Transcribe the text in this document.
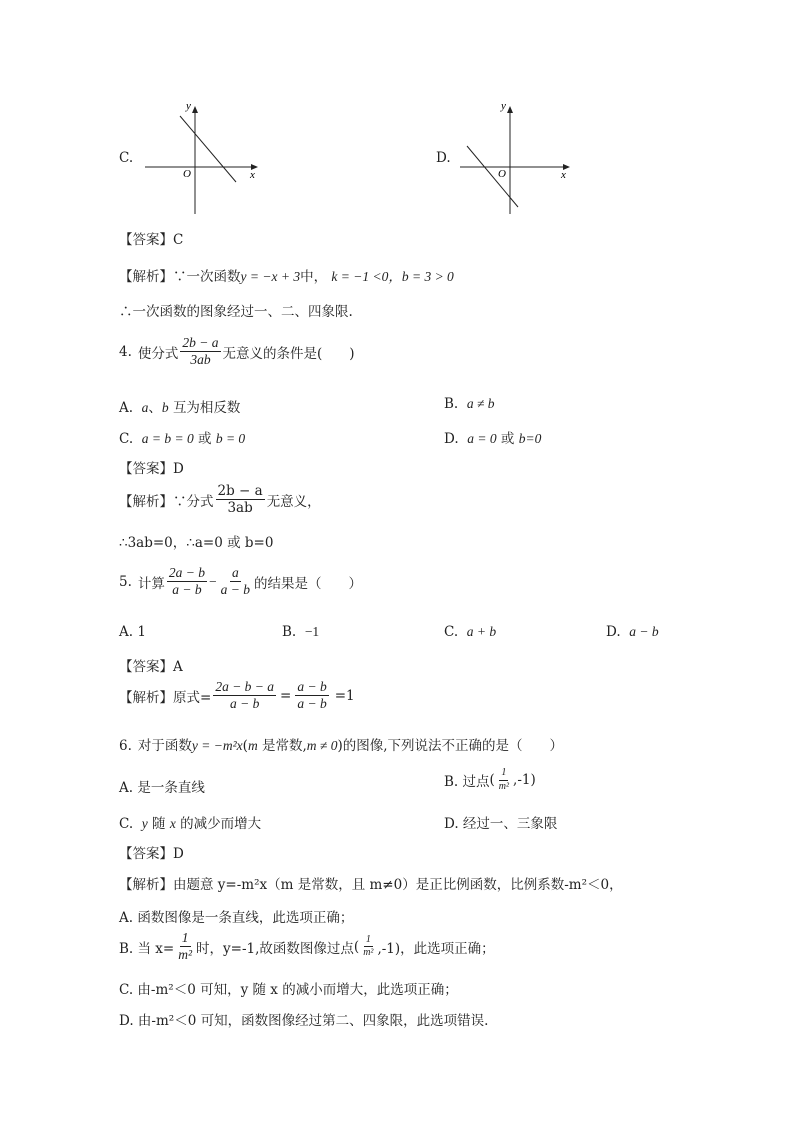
C.
y
x
O
D.
y
x
O
【答案】C
【解析】∵一次函数y = −x + 3中， k = −1 <0，b = 3 > 0
∴一次函数的图象经过一、二、四象限.
4. 使分式 $\frac{2b - a}{3ab}$ 无意义的条件是(　　)
A. a、b 互为相反数	B. a ≠ b
C. a = b = 0 或 b = 0	D. a = 0 或 b=0
【答案】D
【解析】 ∵分式 $\frac{2b - a}{3ab}$ 无意义，
∴3ab=0，∴a=0 或 b=0
5. 计算 $\frac{2a - b}{a - b} - \frac{a}{a - b}$ 的结果是（　　）
A. 1	B. −1	C. a + b	D. a − b
【答案】A
【解析】 原式= $\frac{2a - b - a}{a - b} = \frac{a - b}{a - b} =1$
6. 对于函数y = −m²x(m 是常数,m ≠ 0)的图像,下列说法不正确的是（　　）
A. 是一条直线	B. 过点 ( $\frac{1}{\text{m²}} ,-1$)
C. y 随 x 的减少而增大	D. 经过一、三象限
【答案】D
【解析】由题意 y=-m²x（m 是常数，且 m≠0）是正比例函数，比例系数-m²＜0，
A. 函数图像是一条直线，此选项正确；
B. 当 $x= \frac{1}{\text{m²}}$ 时，y=-1,故函数图像过点 ( $\frac{1}{\text{m²}} ,-1$)，此选项正确；
C. 由-m²＜0 可知，y 随 x 的减小而增大，此选项正确；
D. 由-m²＜0 可知，函数图像经过第二、四象限，此选项错误.
